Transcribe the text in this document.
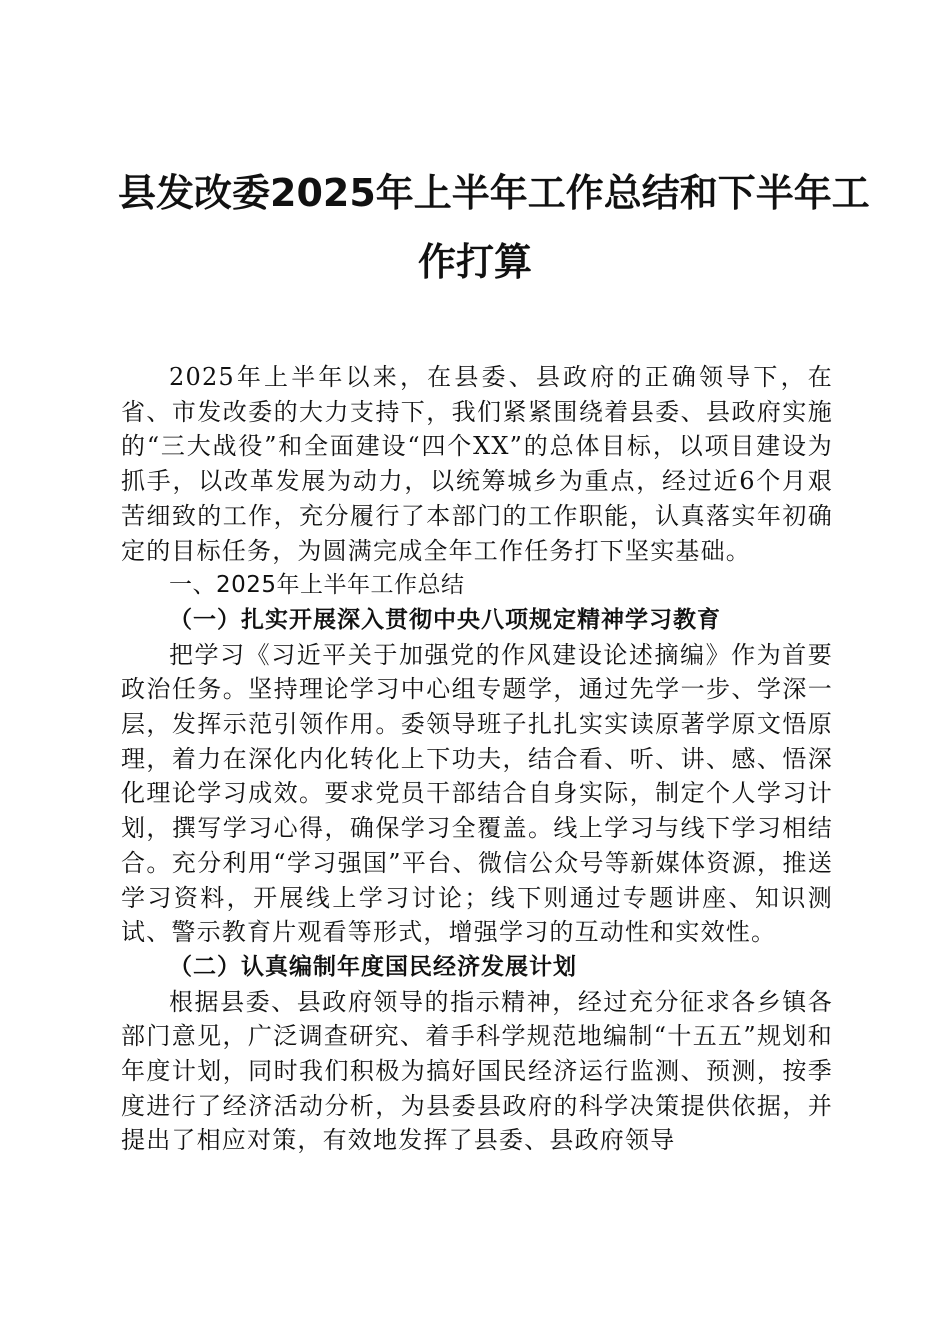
县发改委2025年上半年工作总结和下半年工
作打算

2025年上半年以来，在县委、县政府的正确领导下，在省、市发改委的大力支持下，我们紧紧围绕着县委、县政府实施的“三大战役”和全面建设“四个XX”的总体目标，以项目建设为抓手，以改革发展为动力，以统筹城乡为重点，经过近6个月艰苦细致的工作，充分履行了本部门的工作职能，认真落实年初确定的目标任务，为圆满完成全年工作任务打下坚实基础。

一、2025年上半年工作总结

（一）扎实开展深入贯彻中央八项规定精神学习教育

把学习《习近平关于加强党的作风建设论述摘编》作为首要政治任务。坚持理论学习中心组专题学，通过先学一步、学深一层，发挥示范引领作用。委领导班子扎扎实实读原著学原文悟原理，着力在深化内化转化上下功夫，结合看、听、讲、感、悟深化理论学习成效。要求党员干部结合自身实际，制定个人学习计划，撰写学习心得，确保学习全覆盖。线上学习与线下学习相结合。充分利用“学习强国”平台、微信公众号等新媒体资源，推送学习资料，开展线上学习讨论；线下则通过专题讲座、知识测试、警示教育片观看等形式，增强学习的互动性和实效性。

（二）认真编制年度国民经济发展计划

根据县委、县政府领导的指示精神，经过充分征求各乡镇各部门意见，广泛调查研究、着手科学规范地编制“十五五”规划和年度计划，同时我们积极为搞好国民经济运行监测、预测，按季度进行了经济活动分析，为县委县政府的科学决策提供依据，并提出了相应对策，有效地发挥了县委、县政府领导
